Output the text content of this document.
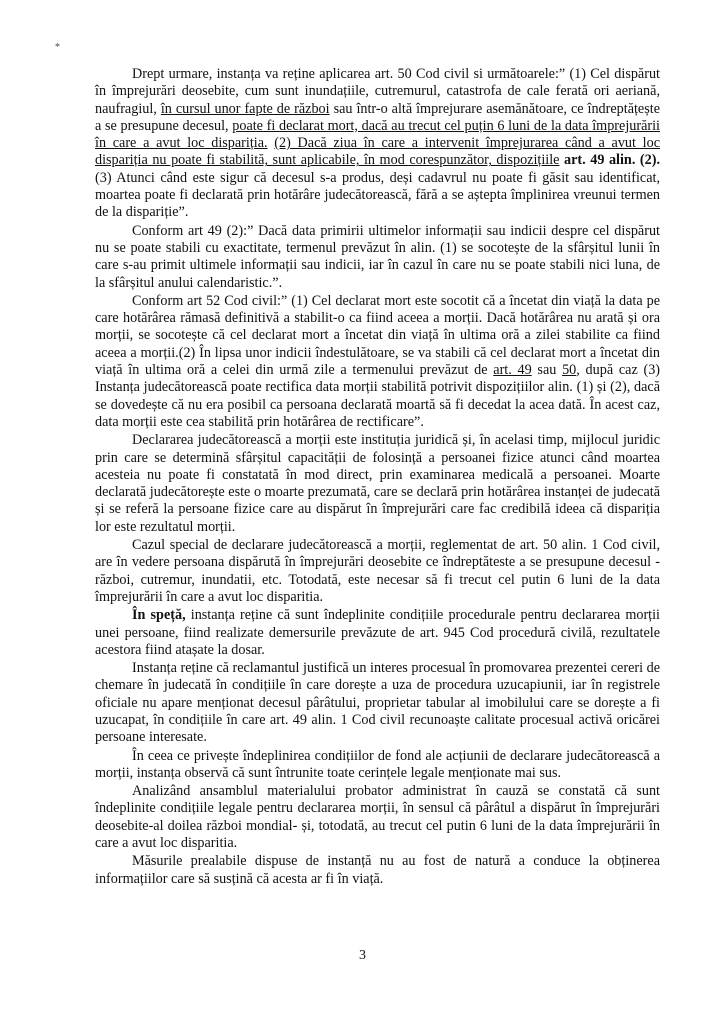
*

Drept urmare, instanța va reține aplicarea art. 50 Cod civil si următoarele:” (1) Cel dispărut în împrejurări deosebite, cum sunt inundațiile, cutremurul, catastrofa de cale ferată ori aeriană, naufragiul, în cursul unor fapte de război sau într-o altă împrejurare asemănătoare, ce îndreptățește a se presupune decesul, poate fi declarat mort, dacă au trecut cel puțin 6 luni de la data împrejurării în care a avut loc dispariția. (2) Dacă ziua în care a intervenit împrejurarea când a avut loc dispariția nu poate fi stabilită, sunt aplicabile, în mod corespunzător, dispozițiile art. 49 alin. (2).(3) Atunci când este sigur că decesul s-a produs, deși cadavrul nu poate fi găsit sau identificat, moartea poate fi declarată prin hotărâre judecătorească, fără a se aștepta împlinirea vreunui termen de la dispariție”.

Conform art 49 (2):” Dacă data primirii ultimelor informații sau indicii despre cel dispărut nu se poate stabili cu exactitate, termenul prevăzut în alin. (1) se socotește de la sfârșitul lunii în care s-au primit ultimele informații sau indicii, iar în cazul în care nu se poate stabili nici luna, de la sfârșitul anului calendaristic.”.

Conform art 52 Cod civil:” (1) Cel declarat mort este socotit că a încetat din viață la data pe care hotărârea rămasă definitivă a stabilit-o ca fiind aceea a morții. Dacă hotărârea nu arată și ora morții, se socotește că cel declarat mort a încetat din viață în ultima oră a zilei stabilite ca fiind aceea a morții.(2) În lipsa unor indicii îndestulătoare, se va stabili că cel declarat mort a încetat din viață în ultima oră a celei din urmă zile a termenului prevăzut de art. 49 sau 50, după caz (3) Instanța judecătorească poate rectifica data morții stabilită potrivit dispozițiilor alin. (1) și (2), dacă se dovedește că nu era posibil ca persoana declarată moartă să fi decedat la acea dată. În acest caz, data morții este cea stabilită prin hotărârea de rectificare”.

Declararea judecătorească a morții este instituția juridică și, în acelasi timp, mijlocul juridic prin care se determină sfârșitul capacității de folosință a persoanei fizice atunci când moartea acesteia nu poate fi constatată în mod direct, prin examinarea medicală a persoanei. Moarte declarată judecătorește este o moarte prezumată, care se declară prin hotărârea instanței de judecată și se referă la persoane fizice care au dispărut în împrejurări care fac credibilă ideea că dispariția lor este rezultatul morții.

Cazul special de declarare judecătorească a morții, reglementat de art. 50 alin. 1 Cod civil, are în vedere persoana dispărută în împrejurări deosebite ce îndreptăteste a se presupune decesul -război, cutremur, inundatii, etc. Totodată, este necesar să fi trecut cel putin 6 luni de la data împrejurării în care a avut loc disparitia.

În speță, instanța reține că sunt îndeplinite condițiile procedurale pentru declararea morții unei persoane, fiind realizate demersurile prevăzute de art. 945 Cod procedură civilă, rezultatele acestora fiind atașate la dosar.

Instanța reține că reclamantul justifică un interes procesual în promovarea prezentei cereri de chemare în judecată în condițiile în care dorește a uza de procedura uzucapiunii, iar în registrele oficiale nu apare menționat decesul pârâtului, proprietar tabular al imobilului care se dorește a fi uzucapat, în condițiile în care art. 49 alin. 1 Cod civil recunoaște calitate procesual activă oricărei persoane interesate.

În ceea ce privește îndeplinirea condițiilor de fond ale acțiunii de declarare judecătorească a morții, instanța observă că sunt întrunite toate cerințele legale menționate mai sus.

Analizând ansamblul materialului probator administrat în cauză se constată că sunt îndeplinite condițiile legale pentru declararea morții, în sensul că pârâtul a dispărut în împrejurări deosebite-al doilea război mondial- și, totodată, au trecut cel putin 6 luni de la data împrejurării în care a avut loc disparitia.

Măsurile prealabile dispuse de instanță nu au fost de natură a conduce la obținerea informațiilor care să susțină că acesta ar fi în viață.

3
